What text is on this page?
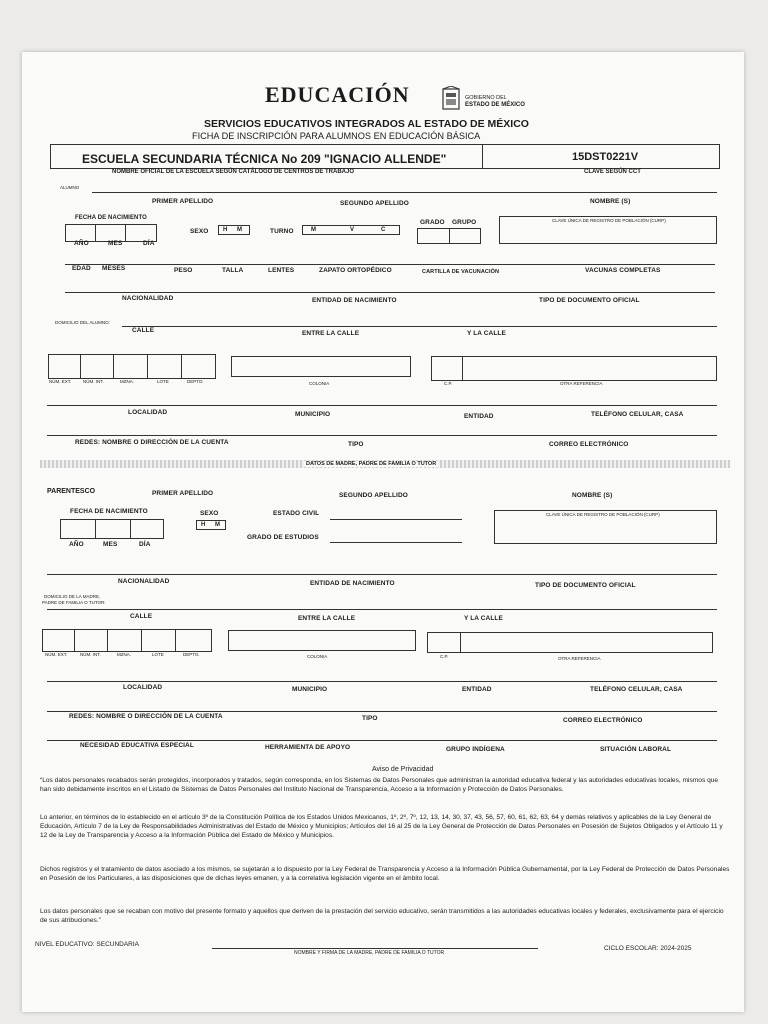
EDUCACIÓN	GOBIERNO DEL
ESTADO DE MÉXICO
SERVICIOS EDUCATIVOS INTEGRADOS AL ESTADO DE MÉXICO
FICHA DE INSCRIPCIÓN PARA ALUMNOS EN EDUCACIÓN BÁSICA
ESCUELA SECUNDARIA TÉCNICA No 209 "IGNACIO ALLENDE"	15DST0221V
NOMBRE OFICIAL DE LA ESCUELA SEGÚN CATÁLOGO DE CENTROS DE TRABAJO	CLAVE SEGÚN CCT
ALUMNO
PRIMER APELLIDO	SEGUNDO APELLIDO	NOMBRE (S)
FECHA DE NACIMIENTO
AÑO	MES	DÍA
SEXO H M	TURNO	M	V	C
GRADO GRUPO	CLAVE ÚNICA DE REGISTRO DE POBLACIÓN (CURP)
EDAD MESES	PESO	TALLA	LENTES	ZAPATO ORTOPÉDICO	CARTILLA DE VACUNACIÓN	VACUNAS COMPLETAS
NACIONALIDAD	ENTIDAD DE NACIMIENTO	TIPO DE DOCUMENTO OFICIAL
DOMICILIO DEL ALUMNO:
CALLE	ENTRE LA CALLE	Y LA CALLE
NÚM. EXT.	NÚM. INT.	MZNA.	LOTE	DEPTO.	COLONIA	C.P.	OTRA REFERENCIA
LOCALIDAD	MUNICIPIO	ENTIDAD	TELÉFONO CELULAR, CASA
REDES: NOMBRE O DIRECCIÓN DE LA CUENTA	TIPO	CORREO ELECTRÓNICO
DATOS DE MADRE, PADRE DE FAMILIA O TUTOR
PARENTESCO	PRIMER APELLIDO	SEGUNDO APELLIDO	NOMBRE (S)
FECHA DE NACIMIENTO
AÑO	MES	DÍA
SEXO
H M
ESTADO CIVIL
GRADO DE ESTUDIOS
CLAVE ÚNICA DE REGISTRO DE POBLACIÓN (CURP)
NACIONALIDAD	ENTIDAD DE NACIMIENTO	TIPO DE DOCUMENTO OFICIAL
DOMICILIO DE LA MADRE,
PADRE DE FAMILIA O TUTOR:
CALLE	ENTRE LA CALLE	Y LA CALLE
NÚM. EXT.	NÚM. INT.	MZNA.	LOTE	DEPTO.	COLONIA	C.P.	OTRA REFERENCIA
LOCALIDAD	MUNICIPIO	ENTIDAD	TELÉFONO CELULAR, CASA
REDES: NOMBRE O DIRECCIÓN DE LA CUENTA	TIPO	CORREO ELECTRÓNICO
NECESIDAD EDUCATIVA ESPECIAL	HERRAMIENTA DE APOYO	GRUPO INDÍGENA	SITUACIÓN LABORAL
Aviso de Privacidad
“Los datos personales recabados serán protegidos, incorporados y tratados, según corresponda, en los Sistemas de Datos Personales que administran la autoridad educativa federal y las autoridades educativas locales, mismos que han sido debidamente inscritos en el Listado de Sistemas de Datos Personales del Instituto Nacional de Transparencia, Acceso a la Información y Protección de Datos Personales.
Lo anterior, en términos de lo establecido en el artículo 3º de la Constitución Política de los Estados Unidos Mexicanos, 1º, 2º, 7º, 12, 13, 14, 30, 37, 43, 56, 57, 60, 61, 62, 63, 64 y demás relativos y aplicables de la Ley General de Educación, Artículo 7 de la Ley de Responsabilidades Administrativas del Estado de México y Municipios; Artículos del 16 al 25 de la Ley General de Protección de Datos Personales en Posesión de Sujetos Obligados y el Artículo 11 y 12 de la Ley de Transparencia y Acceso a la Información Pública del Estado de México y Municipios.
Dichos registros y el tratamiento de datos asociado a los mismos, se sujetarán a lo dispuesto por la Ley Federal de Transparencia y Acceso a la Información Pública Gubernamental, por la Ley Federal de Protección de Datos Personales en Posesión de los Particulares, a las disposiciones que de dichas leyes emanen, y a la correlativa legislación vigente en el ámbito local.
Los datos personales que se recaban con motivo del presente formato y aquellos que deriven de la prestación del servicio educativo, serán transmitidos a las autoridades educativas locales y federales, exclusivamente para el ejercicio de sus atribuciones.”
NIVEL EDUCATIVO: SECUNDARIA
NOMBRE Y FIRMA DE LA MADRE, PADRE DE FAMILIA O TUTOR
CICLO ESCOLAR: 2024-2025
